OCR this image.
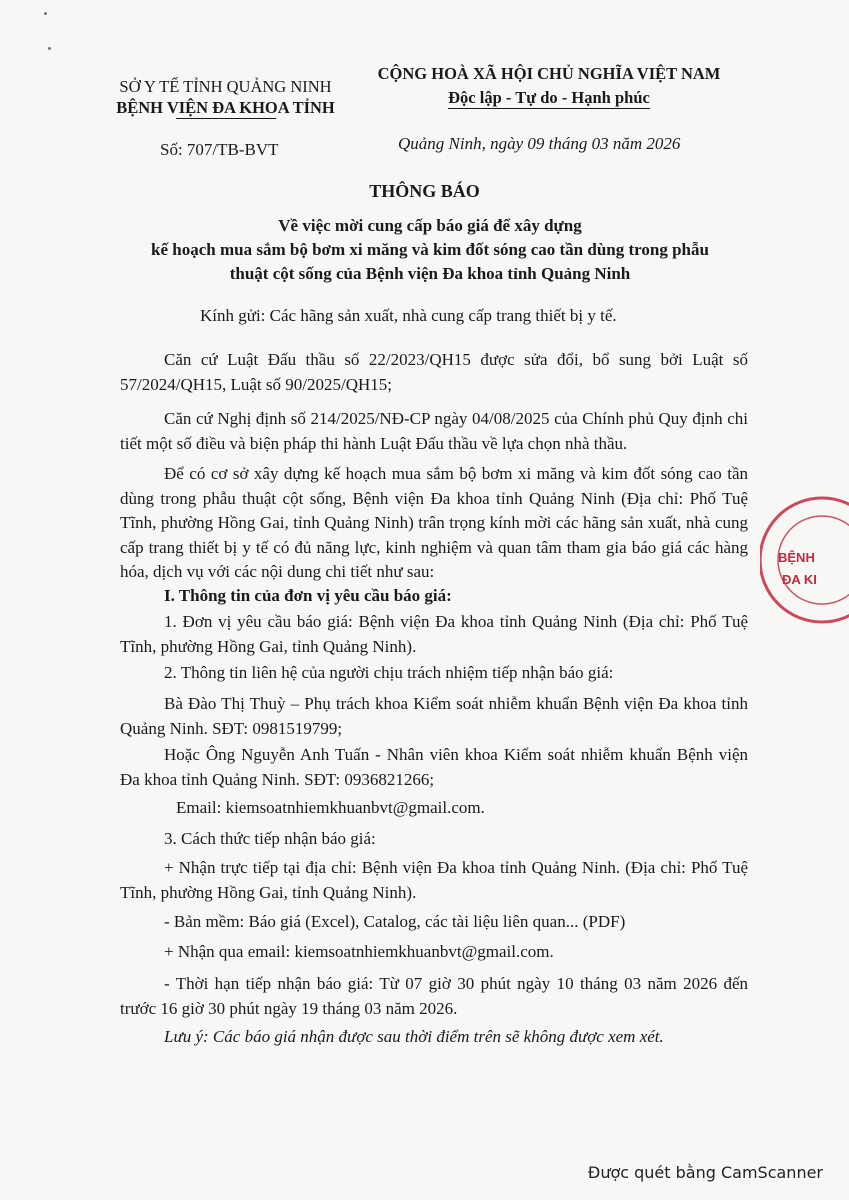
SỞ Y TẾ TỈNH QUẢNG NINH
BỆNH VIỆN ĐA KHOA TỈNH
CỘNG HOÀ XÃ HỘI CHỦ NGHĨA VIỆT NAM
Độc lập - Tự do - Hạnh phúc
Số: 707/TB-BVT	Quảng Ninh, ngày 09 tháng 03 năm 2026
THÔNG BÁO
Về việc mời cung cấp báo giá để xây dựng
kế hoạch mua sắm bộ bơm xi măng và kim đốt sóng cao tần dùng trong phẫu
thuật cột sống của Bệnh viện Đa khoa tỉnh Quảng Ninh
Kính gửi: Các hãng sản xuất, nhà cung cấp trang thiết bị y tế.
Căn cứ Luật Đấu thầu số 22/2023/QH15 được sửa đổi, bổ sung bởi Luật số 57/2024/QH15, Luật số 90/2025/QH15;
Căn cứ Nghị định số 214/2025/NĐ-CP ngày 04/08/2025 của Chính phủ Quy định chi tiết một số điều và biện pháp thi hành Luật Đấu thầu về lựa chọn nhà thầu.
Để có cơ sở xây dựng kế hoạch mua sắm bộ bơm xi măng và kim đốt sóng cao tần dùng trong phẫu thuật cột sống, Bệnh viện Đa khoa tỉnh Quảng Ninh (Địa chỉ: Phố Tuệ Tĩnh, phường Hồng Gai, tỉnh Quảng Ninh) trân trọng kính mời các hãng sản xuất, nhà cung cấp trang thiết bị y tế có đủ năng lực, kinh nghiệm và quan tâm tham gia báo giá các hàng hóa, dịch vụ với các nội dung chi tiết như sau:
I. Thông tin của đơn vị yêu cầu báo giá:
1. Đơn vị yêu cầu báo giá: Bệnh viện Đa khoa tỉnh Quảng Ninh (Địa chỉ: Phố Tuệ Tĩnh, phường Hồng Gai, tỉnh Quảng Ninh).
2. Thông tin liên hệ của người chịu trách nhiệm tiếp nhận báo giá:
Bà Đào Thị Thuỳ – Phụ trách khoa Kiểm soát nhiễm khuẩn Bệnh viện Đa khoa tỉnh Quảng Ninh. SĐT: 0981519799;
Hoặc Ông Nguyễn Anh Tuấn - Nhân viên khoa Kiểm soát nhiễm khuẩn Bệnh viện Đa khoa tỉnh Quảng Ninh. SĐT: 0936821266;
Email: kiemsoatnhiemkhuanbvt@gmail.com.
3. Cách thức tiếp nhận báo giá:
+ Nhận trực tiếp tại địa chỉ: Bệnh viện Đa khoa tỉnh Quảng Ninh. (Địa chỉ: Phố Tuệ Tĩnh, phường Hồng Gai, tỉnh Quảng Ninh).
- Bản mềm: Báo giá (Excel), Catalog, các tài liệu liên quan... (PDF)
+ Nhận qua email: kiemsoatnhiemkhuanbvt@gmail.com.
- Thời hạn tiếp nhận báo giá: Từ 07 giờ 30 phút ngày 10 tháng 03 năm 2026 đến trước 16 giờ 30 phút ngày 19 tháng 03 năm 2026.
Lưu ý: Các báo giá nhận được sau thời điểm trên sẽ không được xem xét.
BỆNH
ĐA KI
Được quét bằng CamScanner
